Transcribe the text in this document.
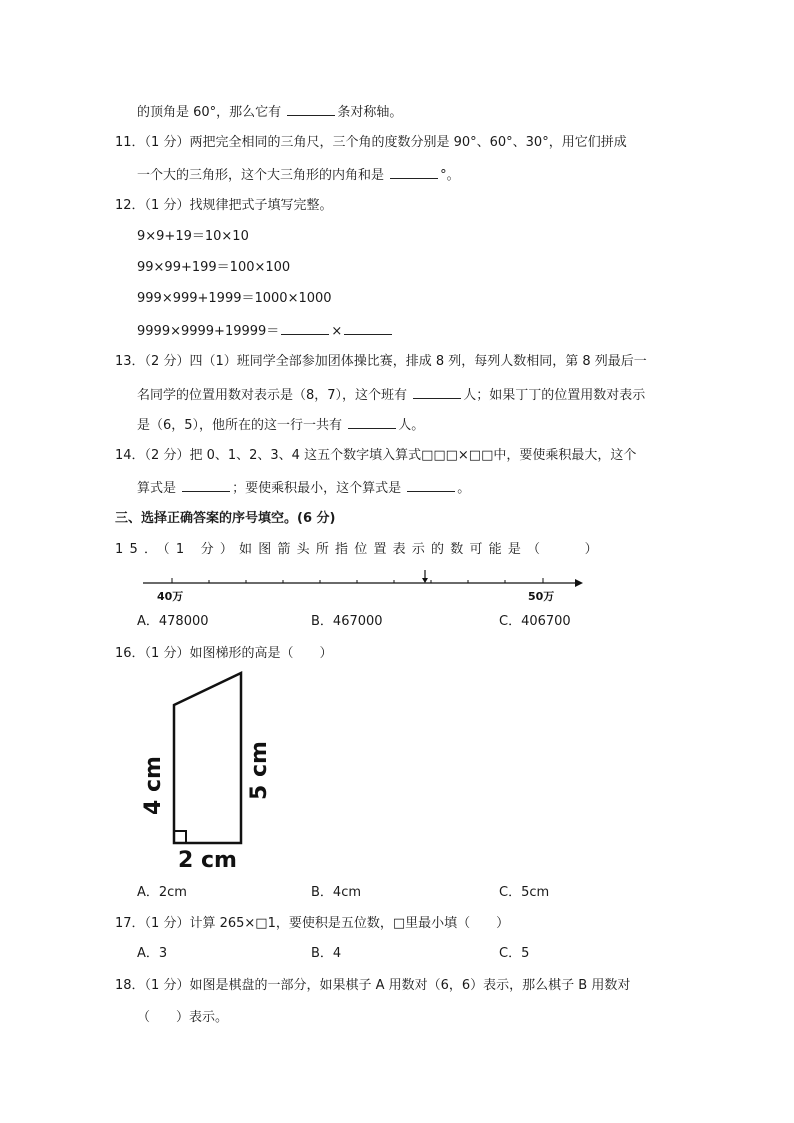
的顶角是 60°，那么它有	条对称轴。
11．（1 分）两把完全相同的三角尺，三个角的度数分别是 90°、60°、30°，用它们拼成
一个大的三角形，这个大三角形的内角和是	°。
12．（1 分）找规律把式子填写完整。
9×9+19＝10×10
99×99+199＝100×100
999×999+1999＝1000×1000
9999×9999+19999＝	×
13．（2 分）四（1）班同学全部参加团体操比赛，排成 8 列，每列人数相同，第 8 列最后一
名同学的位置用数对表示是（8，7），这个班有	人；如果丁丁的位置用数对表示
是（6，5），他所在的这一行一共有	人。
14．（2 分）把 0、1、2、3、4 这五个数字填入算式□□□×□□中，要使乘积最大，这个
算式是	；要使乘积最小，这个算式是	。
三、选择正确答案的序号填空。(6 分)
15．（1 分）如图箭头所指位置表示的数可能是（　　）
40万	50万
A．478000	B．467000	C．406700
16．（1 分）如图梯形的高是（　　）
4 cm	5 cm
2 cm
A．2cm	B．4cm	C．5cm
17．（1 分）计算 265×□1，要使积是五位数，□里最小填（　　）
A．3	B．4	C．5
18．（1 分）如图是棋盘的一部分，如果棋子 A 用数对（6，6）表示，那么棋子 B 用数对
（　　）表示。
